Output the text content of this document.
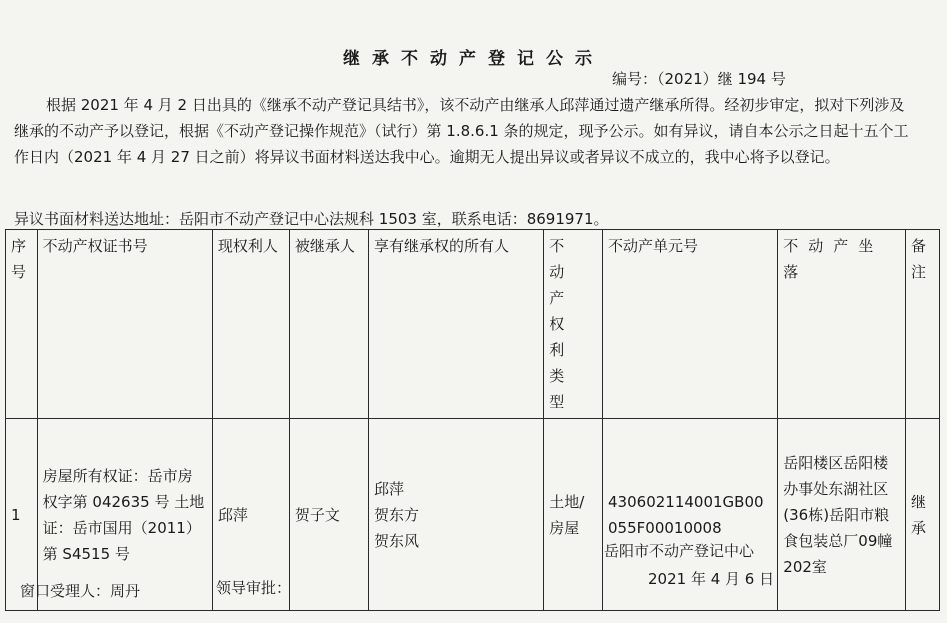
继承不动产登记公示
编号：（2021）继 194 号
根据 2021 年 4 月 2 日出具的《继承不动产登记具结书》，该不动产由继承人邱萍通过遗产继承所得。经初步审定，拟对下列涉及继承的不动产予以登记，根据《不动产登记操作规范》（试行）第 1.8.6.1 条的规定，现予公示。如有异议，请自本公示之日起十五个工作日内（2021 年 4 月 27 日之前）将异议书面材料送达我中心。逾期无人提出异议或者异议不成立的，我中心将予以登记。
异议书面材料送达地址：岳阳市不动产登记中心法规科 1503 室，联系电话：8691971。
序号	不动产权证书号	现权利人	被继承人	享有继承权的所有人	不动产权利类型	不动产单元号	不动产坐落	备注
1	房屋所有权证：岳市房权字第 042635 号 土地证：岳市国用（2011）第 S4515 号	邱萍	贺子文	邱萍
贺东方
贺东风	土地/房屋	430602114001GB00055F00010008	岳阳楼区岳阳楼办事处东湖社区(36栋)岳阳市粮食包装总厂09幢202室	继承
岳阳市不动产登记中心
2021 年 4 月 6 日
窗口受理人：周丹	领导审批：
